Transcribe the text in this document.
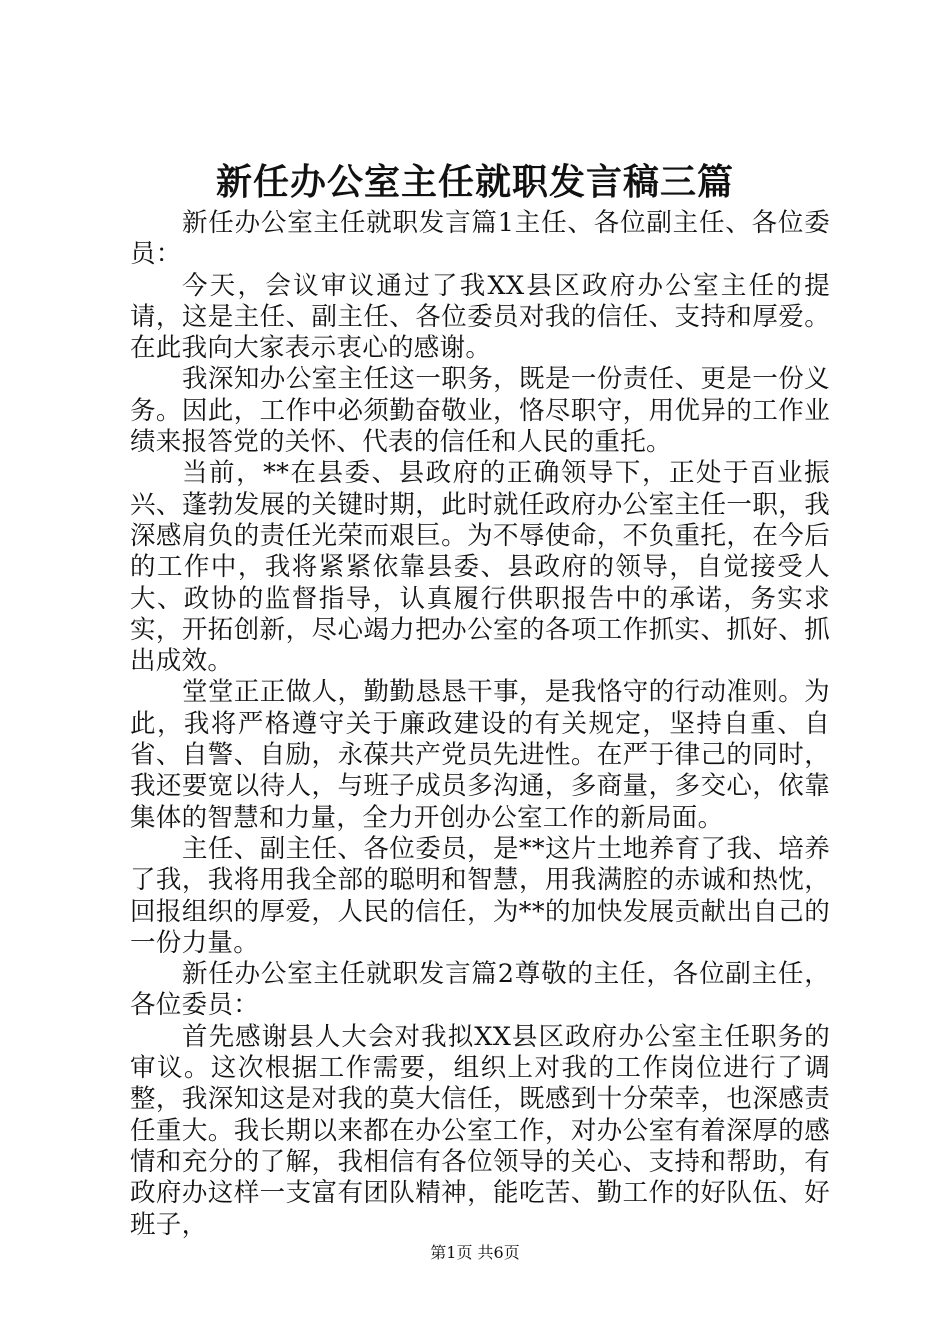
新任办公室主任就职发言稿三篇

新任办公室主任就职发言篇1主任、各位副主任、各位委员：

今天，会议审议通过了我XX县区政府办公室主任的提请，这是主任、副主任、各位委员对我的信任、支持和厚爱。在此我向大家表示衷心的感谢。

我深知办公室主任这一职务，既是一份责任、更是一份义务。因此，工作中必须勤奋敬业，恪尽职守，用优异的工作业绩来报答党的关怀、代表的信任和人民的重托。

当前，**在县委、县政府的正确领导下，正处于百业振兴、蓬勃发展的关键时期，此时就任政府办公室主任一职，我深感肩负的责任光荣而艰巨。为不辱使命，不负重托，在今后的工作中，我将紧紧依靠县委、县政府的领导，自觉接受人大、政协的监督指导，认真履行供职报告中的承诺，务实求实，开拓创新，尽心竭力把办公室的各项工作抓实、抓好、抓出成效。

堂堂正正做人，勤勤恳恳干事，是我恪守的行动准则。为此，我将严格遵守关于廉政建设的有关规定，坚持自重、自省、自警、自励，永葆共产党员先进性。在严于律己的同时，我还要宽以待人，与班子成员多沟通，多商量，多交心，依靠集体的智慧和力量，全力开创办公室工作的新局面。

主任、副主任、各位委员，是**这片土地养育了我、培养了我，我将用我全部的聪明和智慧，用我满腔的赤诚和热忱，回报组织的厚爱，人民的信任，为**的加快发展贡献出自己的一份力量。

新任办公室主任就职发言篇2尊敬的主任，各位副主任，各位委员：

首先感谢县人大会对我拟XX县区政府办公室主任职务的审议。这次根据工作需要，组织上对我的工作岗位进行了调整，我深知这是对我的莫大信任，既感到十分荣幸，也深感责任重大。我长期以来都在办公室工作，对办公室有着深厚的感情和充分的了解，我相信有各位领导的关心、支持和帮助，有政府办这样一支富有团队精神，能吃苦、勤工作的好队伍、好班子，

第1页 共6页
